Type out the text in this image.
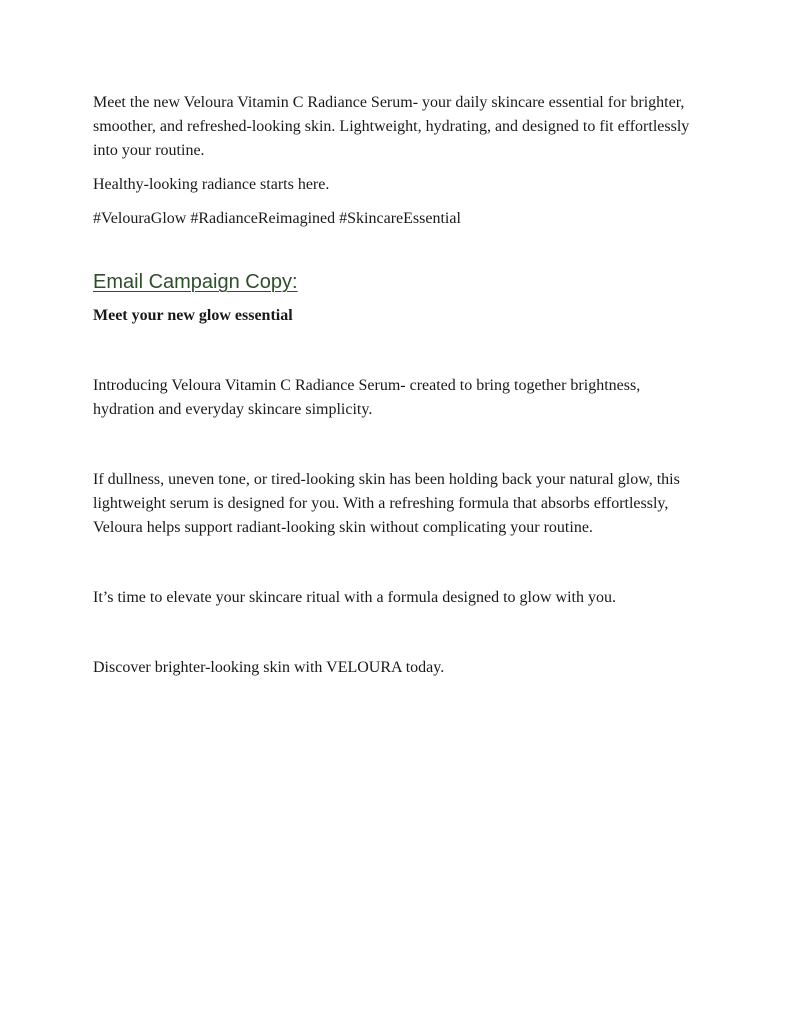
Meet the new Veloura Vitamin C Radiance Serum- your daily skincare essential for brighter, smoother, and refreshed-looking skin. Lightweight, hydrating, and designed to fit effortlessly into your routine.

Healthy-looking radiance starts here.

#VelouraGlow #RadianceReimagined #SkincareEssential

Email Campaign Copy:

Meet your new glow essential

Introducing Veloura Vitamin C Radiance Serum- created to bring together brightness, hydration and everyday skincare simplicity.

If dullness, uneven tone, or tired-looking skin has been holding back your natural glow, this lightweight serum is designed for you. With a refreshing formula that absorbs effortlessly, Veloura helps support radiant-looking skin without complicating your routine.

It’s time to elevate your skincare ritual with a formula designed to glow with you.

Discover brighter-looking skin with VELOURA today.
